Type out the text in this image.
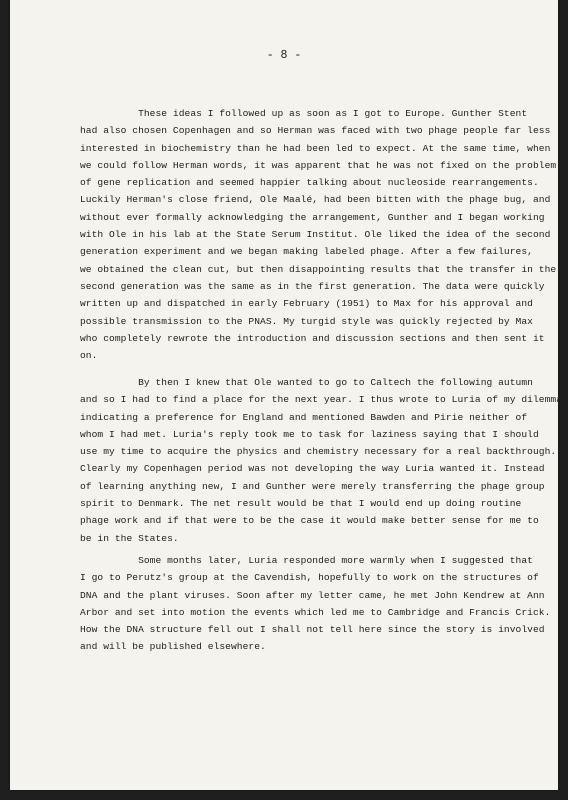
- 8 -
These ideas I followed up as soon as I got to Europe. Gunther Stent
had also chosen Copenhagen and so Herman was faced with two phage people far less
interested in biochemistry than he had been led to expect. At the same time, when
we could follow Herman words, it was apparent that he was not fixed on the problem
of gene replication and seemed happier talking about nucleoside rearrangements.
Luckily Herman's close friend, Ole Maalé, had been bitten with the phage bug, and
without ever formally acknowledging the arrangement, Gunther and I began working
with Ole in his lab at the State Serum Institut. Ole liked the idea of the second
generation experiment and we began making labeled phage. After a few failures,
we obtained the clean cut, but then disappointing results that the transfer in the
second generation was the same as in the first generation. The data were quickly
written up and dispatched in early February (1951) to Max for his approval and
possible transmission to the PNAS. My turgid style was quickly rejected by Max
who completely rewrote the introduction and discussion sections and then sent it
on.
By then I knew that Ole wanted to go to Caltech the following autumn
and so I had to find a place for the next year. I thus wrote to Luria of my dilemma
indicating a preference for England and mentioned Bawden and Pirie neither of
whom I had met. Luria's reply took me to task for laziness saying that I should
use my time to acquire the physics and chemistry necessary for a real backthrough.
Clearly my Copenhagen period was not developing the way Luria wanted it. Instead
of learning anything new, I and Gunther were merely transferring the phage group
spirit to Denmark. The net result would be that I would end up doing routine
phage work and if that were to be the case it would make better sense for me to
be in the States.
Some months later, Luria responded more warmly when I suggested that
I go to Perutz's group at the Cavendish, hopefully to work on the structures of
DNA and the plant viruses. Soon after my letter came, he met John Kendrew at Ann
Arbor and set into motion the events which led me to Cambridge and Francis Crick.
How the DNA structure fell out I shall not tell here since the story is involved
and will be published elsewhere.
